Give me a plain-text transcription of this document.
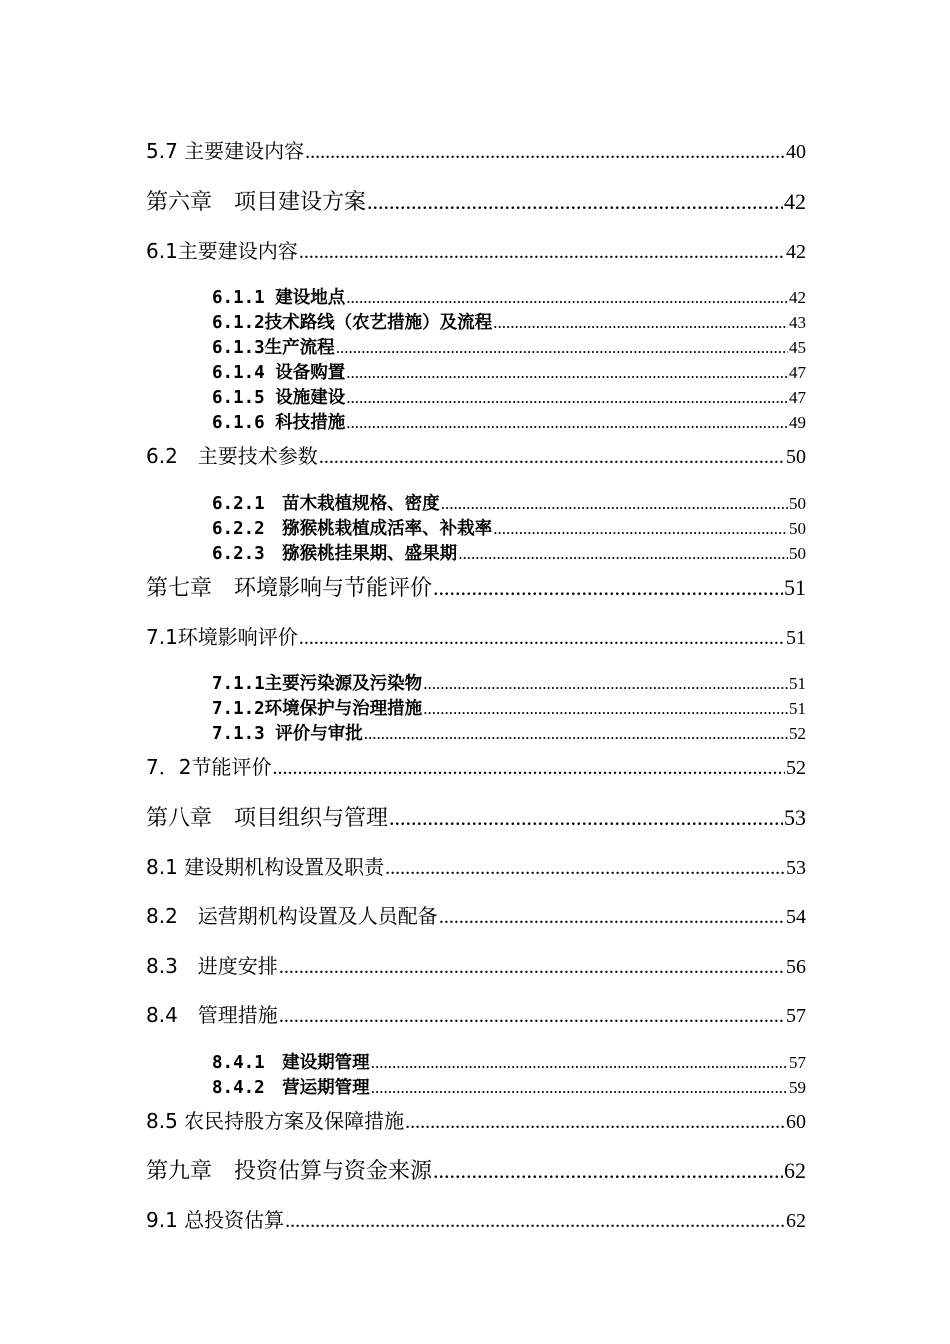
5.7 主要建设内容 .....	40
第六章　项目建设方案 .....	42
6.1主要建设内容 .....	42
6.1.1 建设地点 .....	42
6.1.2技术路线（农艺措施）及流程 .....	43
6.1.3生产流程 .....	45
6.1.4 设备购置 .....	47
6.1.5 设施建设 .....	47
6.1.6 科技措施 .....	49
6.2　主要技术参数 .....	50
6.2.1　苗木栽植规格、密度 .....	50
6.2.2　猕猴桃栽植成活率、补栽率 .....	50
6.2.3　猕猴桃挂果期、盛果期 .....	50
第七章　环境影响与节能评价 .....	51
7.1环境影响评价 .....	51
7.1.1主要污染源及污染物 .....	51
7.1.2环境保护与治理措施 .....	51
7.1.3 评价与审批 .....	52
7．2节能评价 .....	52
第八章　项目组织与管理 .....	53
8.1 建设期机构设置及职责 .....	53
8.2　运营期机构设置及人员配备 .....	54
8.3　进度安排 .....	56
8.4　管理措施 .....	57
8.4.1　建设期管理 .....	57
8.4.2　营运期管理 .....	59
8.5 农民持股方案及保障措施 .....	60
第九章　投资估算与资金来源 .....	62
9.1 总投资估算 .....	62
